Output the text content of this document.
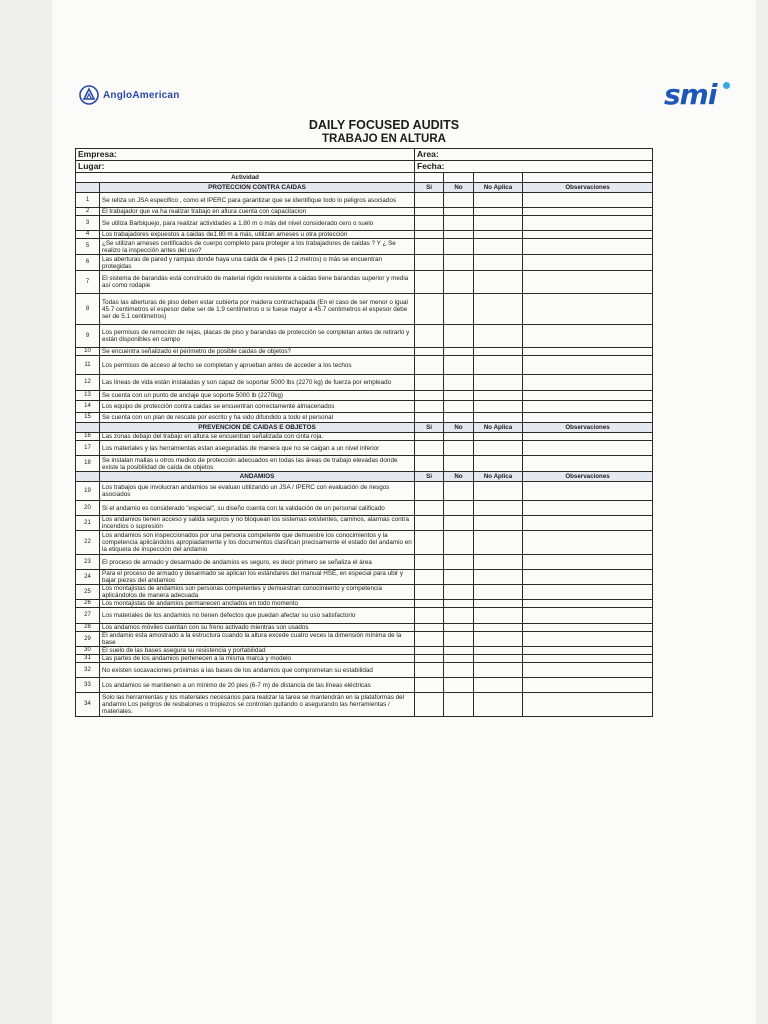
AngloAmerican	smi
DAILY FOCUSED AUDITS
TRABAJO EN ALTURA
Empresa:		Area:			
Lugar:		Fecha:			
Actividad					
	PROTECCION CONTRA CAIDAS	Si	No	No Aplica	Observaciones
1	Se reliza un JSA especifico , como el IPERC para garantizar que se identifique todo lo peligros asociados				
2	El trabajador que va ha realizar trabajo en altura cuenta con capacitacion				
3	Se utiliza Barbiquejo, para realizar actividades a 1.80 m o más del nivel considerado cero o suelo				
4	Los trabajadores expuestos a caidas de1.80 m a más, utilizan arneses u otra protección				
5	¿Se utilizan arneses certificados de cuerpo completo para proteger a los trabajadores de caidas ? Y ¿ Se realizo la inspección antes del uso?				
6	Las aberturas de pared y rampas donde haya una caida de 4 pies (1.2 metros) o más se encuentran protegidas				
7	El sistema de barandas está construido de material rigido resistente a caidas tiene barandas superior y media así como rodapie				
8	Todas las aberturas de piso deben estar cubierta por madera contrachapada (En el caso de ser menor o igual 45.7 centimetros el espesor debe ser de 1.9 centimetros o si fuese mayor a 45.7 centimetros el espesor debe ser de 5.1 centimetros)				
9	Los permisos de remoción de rejas, placas de piso y barandas de protección se completan antes de retirarlo y están disponibles en campo				
10	Se encuentra señalizado el perimetro de posible caidas de objetos?				
11	Los permisos de acceso al techo se completan y aprueban antes de acceder a los techos				
12	Las líneas de vida están instaladas y son capaz de soportar 5000 lbs (2270 kg) de fuerza por empleado				
13	Se cuenta con un punto de anclaje que soporte 5000 lb (2270kg)				
14	Los equipo de protección contra caidas se encuentran correctamente almacenados				
15	Se cuenta con un plan de rescate por escrito y ha sido difundido a todo el personal				
	PREVENCION DE CAIDAS E OBJETOS	Si	No	No Aplica	Observaciones
16	Las zonas debajo del trabajo en altura se encuentran señalizada con cinta roja.				
17	Los materiales y las herramientas estan aseguradas de manera que no se caigan a un nivel inferior				
18	Se instalan mallas u otros medios de protección adecuados en todas las áreas de trabajo elevadas donde existe la posibilidad de caída de objetos				
	ANDAMIOS	Si	No	No Aplica	Observaciones
19	Los trabajos que involucran andamios se evaluan utilizando un JSA / IPERC con evaluación de riesgos asociados				
20	Si el andamio es considerado "especial", su diseño cuenta con la validación de un personal calificado				
21	Los andamios tienen acceso y salida seguros y no bloquean los sistemas existentes, caminos, alarmas contra incendios o supresión				
22	Los andamios son inspeccionados por una persona competente que demuestre los conocimientos y la competencia aplicándolos apropiadamente y los documentos clasifican precisamente el estado del andamio en la etiqueta de inspección del andamio				
23	El proceso de armado y desarmado de andamios es seguro, es decir primero se señaliza el área				
24	Para el proceso de armado y desarmado se aplican los estándares del manual HSE, en especial para ubir y bajar piezas del andamios				
25	Los montajistas de andamios son personas competentes y demuestran conocimiento y competencia aplicándolos de manera adecuada				
26	Los montajistas de andamios permanecen anclados en todo momento				
27	Los materiales de los andamios no tienen defectos que puedan afectar su uso satisfactorio				
28	Los andamos móviles cuentan con su freno activado mientras son usados				
29	El andamio esta amostrado a la estructura cuando la altura excede cuatro veces la dimensión mínima de la base				
30	El suelo de las bases asegura su resistencia y portabilidad				
31	Las partes de los andamios pertenecen a la misma marca y modelo				
32	No existen socavaciones próximas a las bases de los andamios que comprometan su estabilidad				
33	Los andamios se mantienen a un mínimo de 20 pies (6-7 m) de distancia de las líneas eléctricas				
34	Solo las herramientas y los materiales necesarios para realizar la tarea se mantendrán en la plataformas del andamio Los peligros de resbalones o tropiezos se controlan quitando o asegurando las herramientas / materiales.				
